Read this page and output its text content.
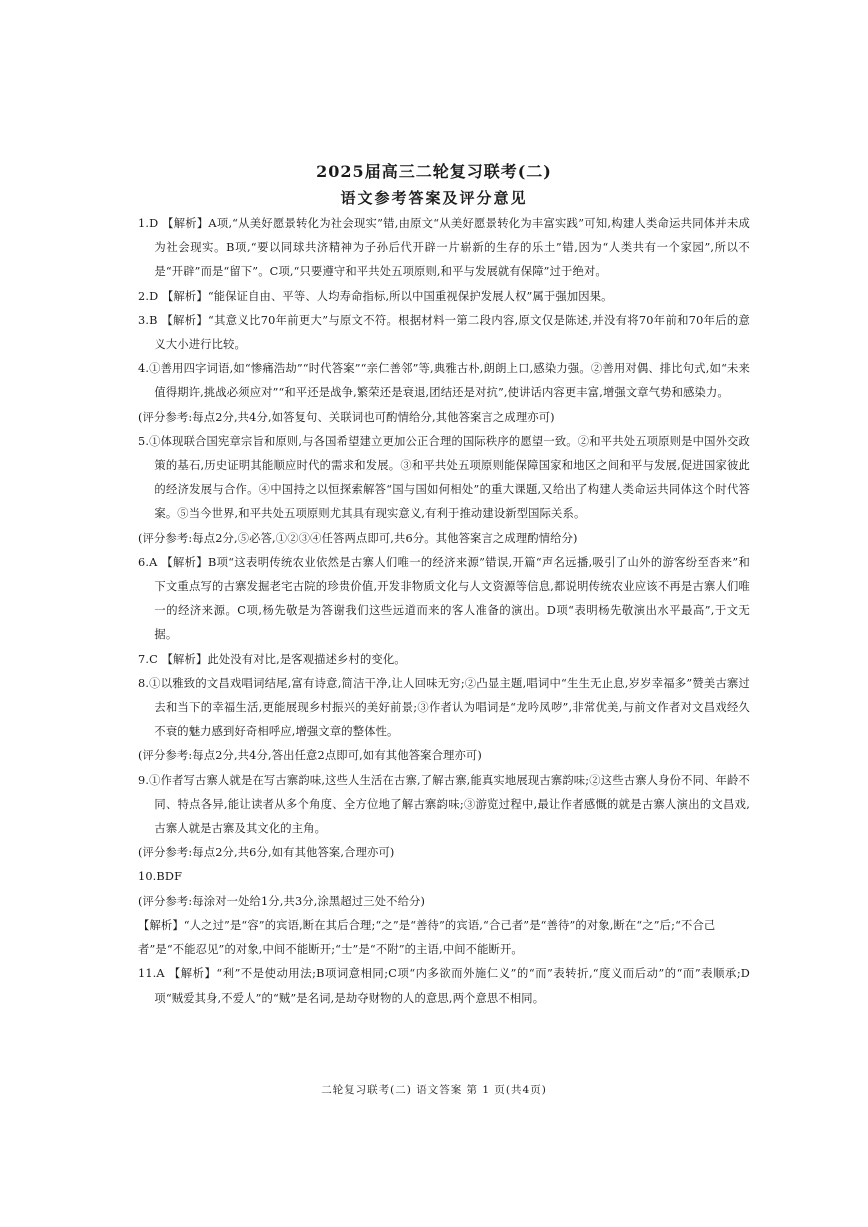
2025届高三二轮复习联考(二)
语文参考答案及评分意见

1.D 【解析】A项,“从美好愿景转化为社会现实”错,由原文“从美好愿景转化为丰富实践”可知,构建人类命运共同体并未成为社会现实。B项,“要以同球共济精神为子孙后代开辟一片崭新的生存的乐土”错,因为“人类共有一个家园”,所以不是“开辟”而是“留下”。C项,“只要遵守和平共处五项原则,和平与发展就有保障”过于绝对。

2.D 【解析】“能保证自由、平等、人均寿命指标,所以中国重视保护发展人权”属于强加因果。

3.B 【解析】“其意义比70年前更大”与原文不符。根据材料一第二段内容,原文仅是陈述,并没有将70年前和70年后的意义大小进行比较。

4.①善用四字词语,如“惨痛浩劫”“时代答案”“亲仁善邻”等,典雅古朴,朗朗上口,感染力强。②善用对偶、排比句式,如“未来值得期许,挑战必须应对”“和平还是战争,繁荣还是衰退,团结还是对抗”,使讲话内容更丰富,增强文章气势和感染力。

(评分参考:每点2分,共4分,如答复句、关联词也可酌情给分,其他答案言之成理亦可)

5.①体现联合国宪章宗旨和原则,与各国希望建立更加公正合理的国际秩序的愿望一致。②和平共处五项原则是中国外交政策的基石,历史证明其能顺应时代的需求和发展。③和平共处五项原则能保障国家和地区之间和平与发展,促进国家彼此的经济发展与合作。④中国持之以恒探索解答“国与国如何相处”的重大课题,又给出了构建人类命运共同体这个时代答案。⑤当今世界,和平共处五项原则尤其具有现实意义,有利于推动建设新型国际关系。

(评分参考:每点2分,⑤必答,①②③④任答两点即可,共6分。其他答案言之成理酌情给分)

6.A 【解析】B项“这表明传统农业依然是古寨人们唯一的经济来源”错误,开篇“声名远播,吸引了山外的游客纷至沓来”和下文重点写的古寨发掘老宅古院的珍贵价值,开发非物质文化与人文资源等信息,都说明传统农业应该不再是古寨人们唯一的经济来源。C项,杨先敬是为答谢我们这些远道而来的客人准备的演出。D项“表明杨先敬演出水平最高”,于文无据。

7.C 【解析】此处没有对比,是客观描述乡村的变化。

8.①以雅致的文昌戏唱词结尾,富有诗意,简洁干净,让人回味无穷;②凸显主题,唱词中“生生无止息,岁岁幸福多”赞美古寨过去和当下的幸福生活,更能展现乡村振兴的美好前景;③作者认为唱词是“龙吟凤哕”,非常优美,与前文作者对文昌戏经久不衰的魅力感到好奇相呼应,增强文章的整体性。

(评分参考:每点2分,共4分,答出任意2点即可,如有其他答案合理亦可)

9.①作者写古寨人就是在写古寨韵味,这些人生活在古寨,了解古寨,能真实地展现古寨韵味;②这些古寨人身份不同、年龄不同、特点各异,能让读者从多个角度、全方位地了解古寨韵味;③游览过程中,最让作者感慨的就是古寨人演出的文昌戏,古寨人就是古寨及其文化的主角。

(评分参考:每点2分,共6分,如有其他答案,合理亦可)

10.BDF

(评分参考:每涂对一处给1分,共3分,涂黑超过三处不给分)

【解析】“人之过”是“容”的宾语,断在其后合理;“之”是“善待”的宾语,“合己者”是“善待”的对象,断在“之”后;“不合己者”是“不能忍见”的对象,中间不能断开;“士”是“不附”的主语,中间不能断开。

11.A 【解析】“利”不是使动用法;B项词意相同;C项“内多欲而外施仁义”的“而”表转折,“度义而后动”的“而”表顺承;D项“贼爱其身,不爱人”的“贼”是名词,是劫夺财物的人的意思,两个意思不相同。

二轮复习联考(二) 语文答案 第 1 页(共4页)
